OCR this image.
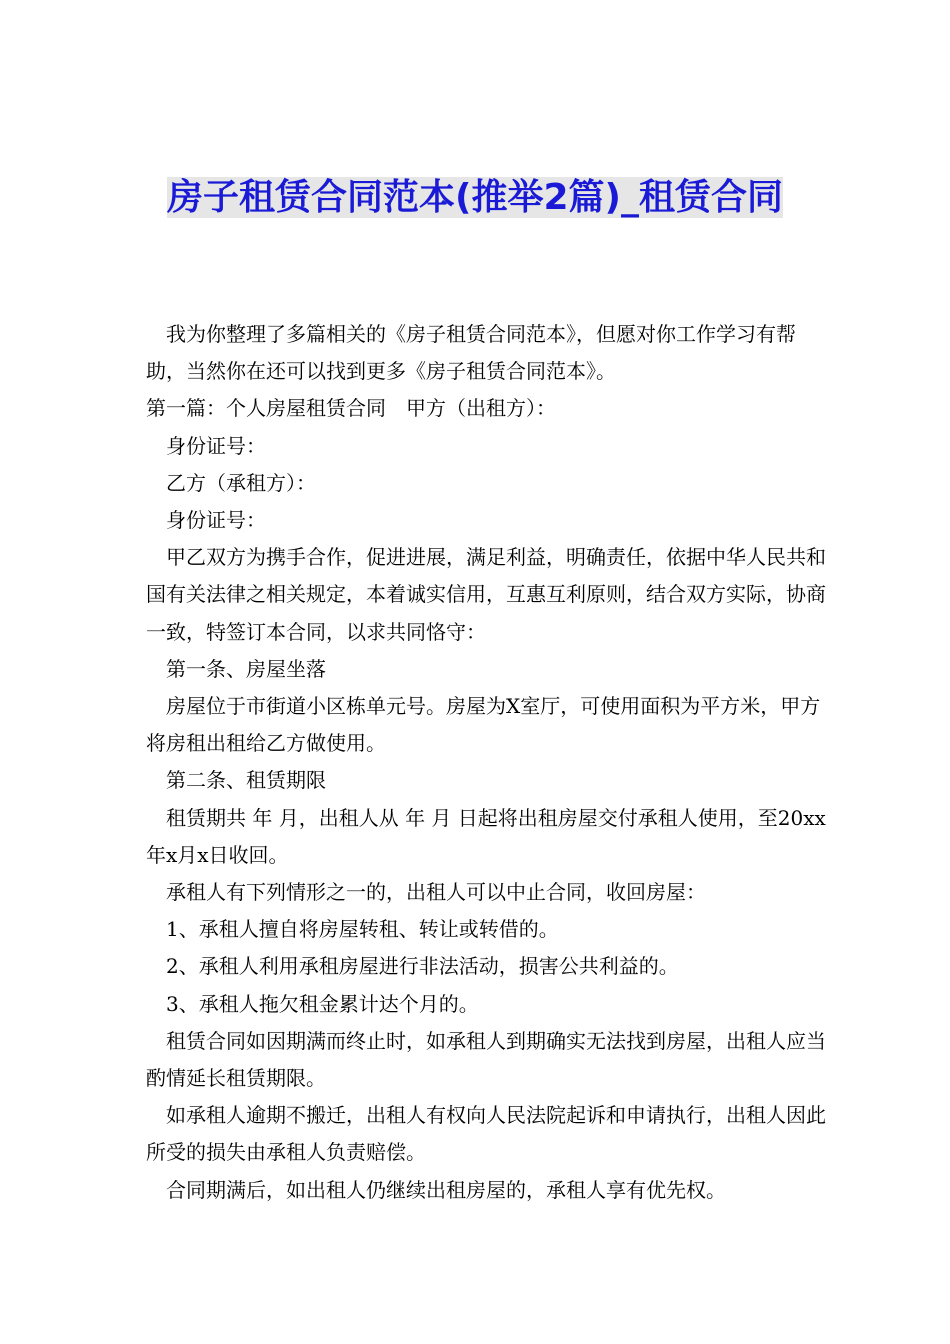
房子租赁合同范本(推举2篇)_租赁合同

我为你整理了多篇相关的《房子租赁合同范本》，但愿对你工作学习有帮助，当然你在还可以找到更多《房子租赁合同范本》。

第一篇：个人房屋租赁合同　甲方（出租方）：

身份证号：

乙方（承租方）：

身份证号：

甲乙双方为携手合作，促进进展，满足利益，明确责任，依据中华人民共和国有关法律之相关规定，本着诚实信用，互惠互利原则，结合双方实际，协商一致，特签订本合同，以求共同恪守：

第一条、房屋坐落

房屋位于市街道小区栋单元号。房屋为X室厅，可使用面积为平方米，甲方将房租出租给乙方做使用。

第二条、租赁期限

租赁期共 年 月，出租人从 年 月 日起将出租房屋交付承租人使用，至20xx年x月x日收回。

承租人有下列情形之一的，出租人可以中止合同，收回房屋：

1、承租人擅自将房屋转租、转让或转借的。

2、承租人利用承租房屋进行非法活动，损害公共利益的。

3、承租人拖欠租金累计达个月的。

租赁合同如因期满而终止时，如承租人到期确实无法找到房屋，出租人应当酌情延长租赁期限。

如承租人逾期不搬迁，出租人有权向人民法院起诉和申请执行，出租人因此所受的损失由承租人负责赔偿。

合同期满后，如出租人仍继续出租房屋的，承租人享有优先权。
